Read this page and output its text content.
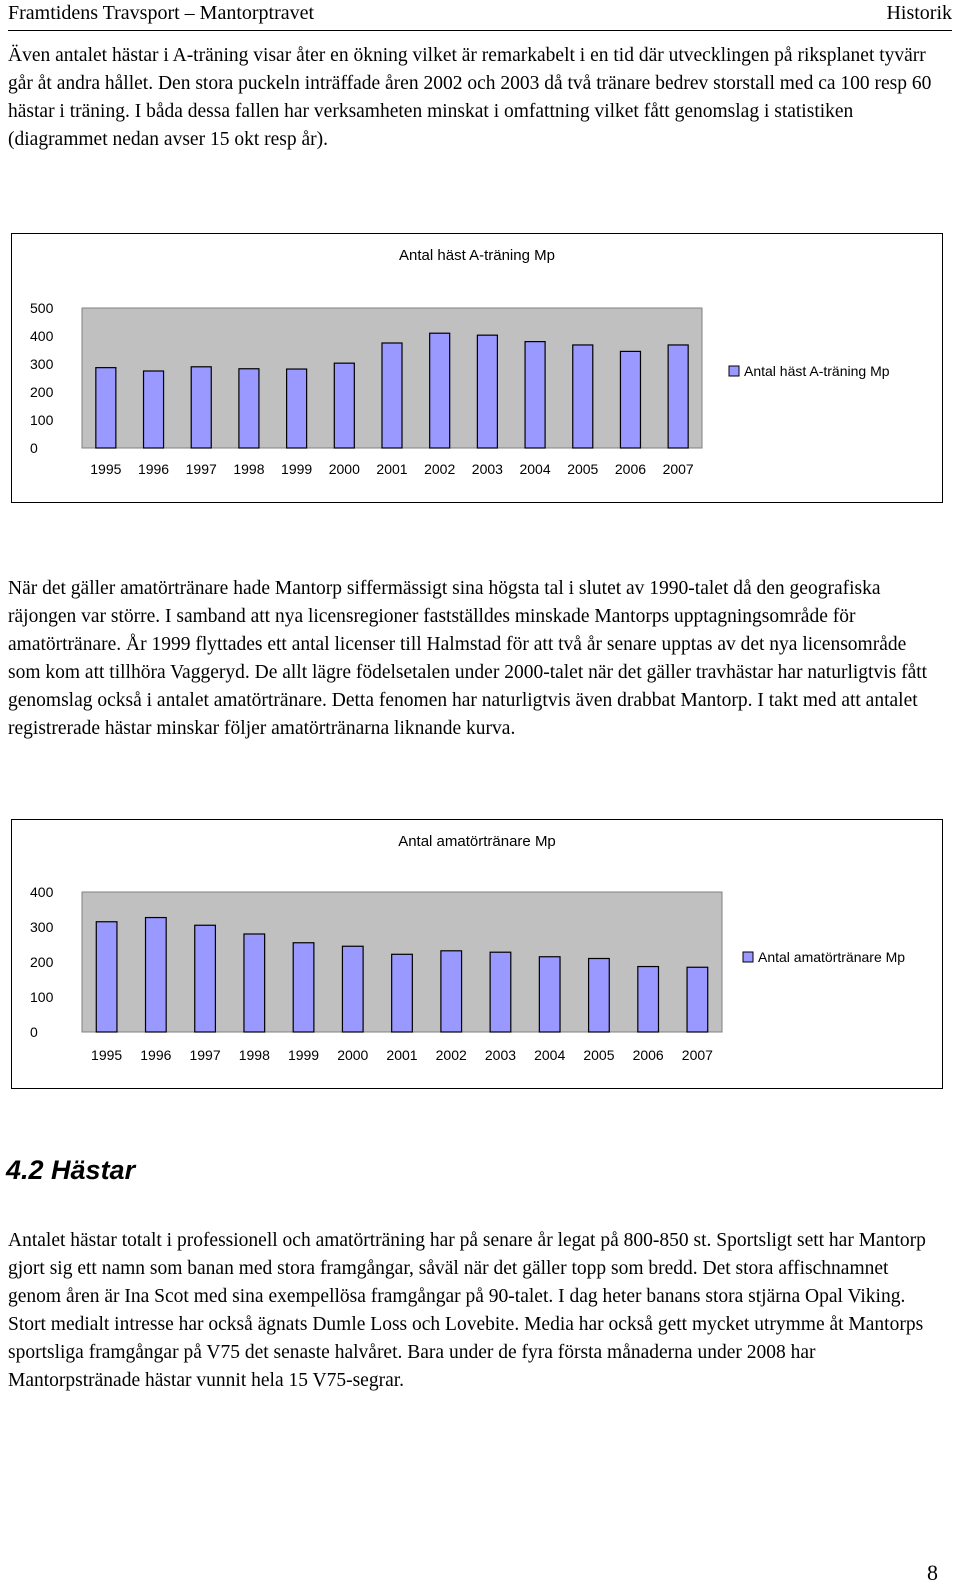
Framtidens Travsport – Mantorptravet	Historik

Även antalet hästar i A-träning visar åter en ökning vilket är remarkabelt i en tid där utvecklingen på riksplanet tyvärr går åt andra hållet. Den stora puckeln inträffade åren 2002 och 2003 då två tränare bedrev storstall med ca 100 resp 60 hästar i träning. I båda dessa fallen har verksamheten minskat i omfattning vilket fått genomslag i statistiken (diagrammet nedan avser 15 okt resp år).

Antal häst A-träning Mp
0
100
200
300
400
500
1995 1996 1997 1998 1999 2000 2001 2002 2003 2004 2005 2006 2007
Antal häst A-träning Mp

När det gäller amatörtränare hade Mantorp siffermässigt sina högsta tal i slutet av 1990-talet då den geografiska räjongen var större. I samband att nya licensregioner fastställdes minskade Mantorps upptagningsområde för amatörtränare. År 1999 flyttades ett antal licenser till Halmstad för att två år senare upptas av det nya licensområde som kom att tillhöra Vaggeryd. De allt lägre födelsetalen under 2000-talet när det gäller travhästar har naturligtvis fått genomslag också i antalet amatörtränare. Detta fenomen har naturligtvis även drabbat Mantorp. I takt med att antalet registrerade hästar minskar följer amatörtränarna liknande kurva.

Antal amatörtränare Mp
0
100
200
300
400
1995 1996 1997 1998 1999 2000 2001 2002 2003 2004 2005 2006 2007
Antal amatörtränare Mp
4.2 Hästar

Antalet hästar totalt i professionell och amatörträning har på senare år legat på 800-850 st. Sportsligt sett har Mantorp gjort sig ett namn som banan med stora framgångar, såväl när det gäller topp som bredd. Det stora affischnamnet genom åren är Ina Scot med sina exempellösa framgångar på 90-talet. I dag heter banans stora stjärna Opal Viking. Stort medialt intresse har också ägnats Dumle Loss och Lovebite. Media har också gett mycket utrymme åt Mantorps sportsliga framgångar på V75 det senaste halvåret. Bara under de fyra första månaderna under 2008 har Mantorpstränade hästar vunnit hela 15 V75-segrar.

8
